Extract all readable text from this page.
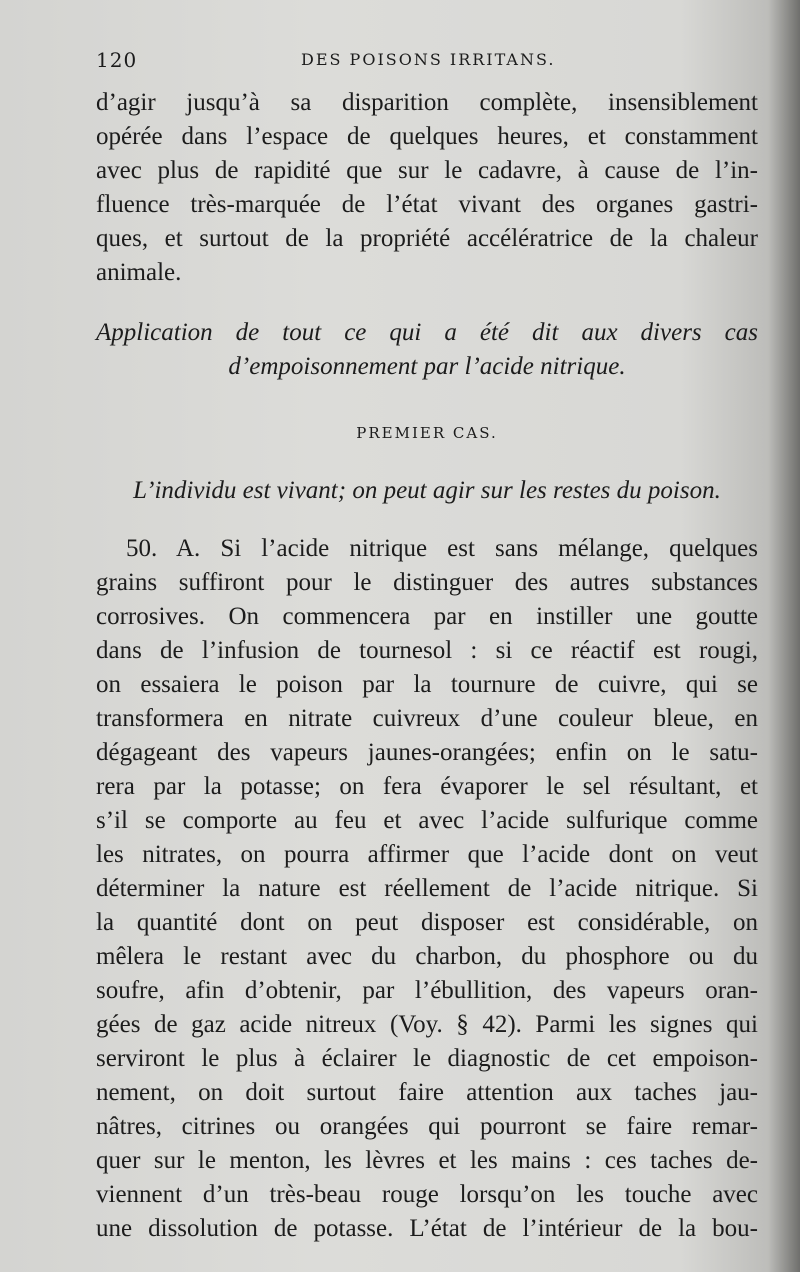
120	DES POISONS IRRITANS.
d’agir jusqu’à sa disparition complète, insensiblement
opérée dans l’espace de quelques heures, et constamment
avec plus de rapidité que sur le cadavre, à cause de l’in-
fluence très-marquée de l’état vivant des organes gastri-
ques, et surtout de la propriété accélératrice de la chaleur
animale.
Application de tout ce qui a été dit aux divers cas
d’empoisonnement par l’acide nitrique.
PREMIER CAS.
L’individu est vivant; on peut agir sur les restes du poison.
50. A. Si l’acide nitrique est sans mélange, quelques
grains suffiront pour le distinguer des autres substances
corrosives. On commencera par en instiller une goutte
dans de l’infusion de tournesol : si ce réactif est rougi,
on essaiera le poison par la tournure de cuivre, qui se
transformera en nitrate cuivreux d’une couleur bleue, en
dégageant des vapeurs jaunes-orangées; enfin on le satu-
rera par la potasse; on fera évaporer le sel résultant, et
s’il se comporte au feu et avec l’acide sulfurique comme
les nitrates, on pourra affirmer que l’acide dont on veut
déterminer la nature est réellement de l’acide nitrique. Si
la quantité dont on peut disposer est considérable, on
mêlera le restant avec du charbon, du phosphore ou du
soufre, afin d’obtenir, par l’ébullition, des vapeurs oran-
gées de gaz acide nitreux (Voy. § 42). Parmi les signes qui
serviront le plus à éclairer le diagnostic de cet empoison-
nement, on doit surtout faire attention aux taches jau-
nâtres, citrines ou orangées qui pourront se faire remar-
quer sur le menton, les lèvres et les mains : ces taches de-
viennent d’un très-beau rouge lorsqu’on les touche avec
une dissolution de potasse. L’état de l’intérieur de la bou-
